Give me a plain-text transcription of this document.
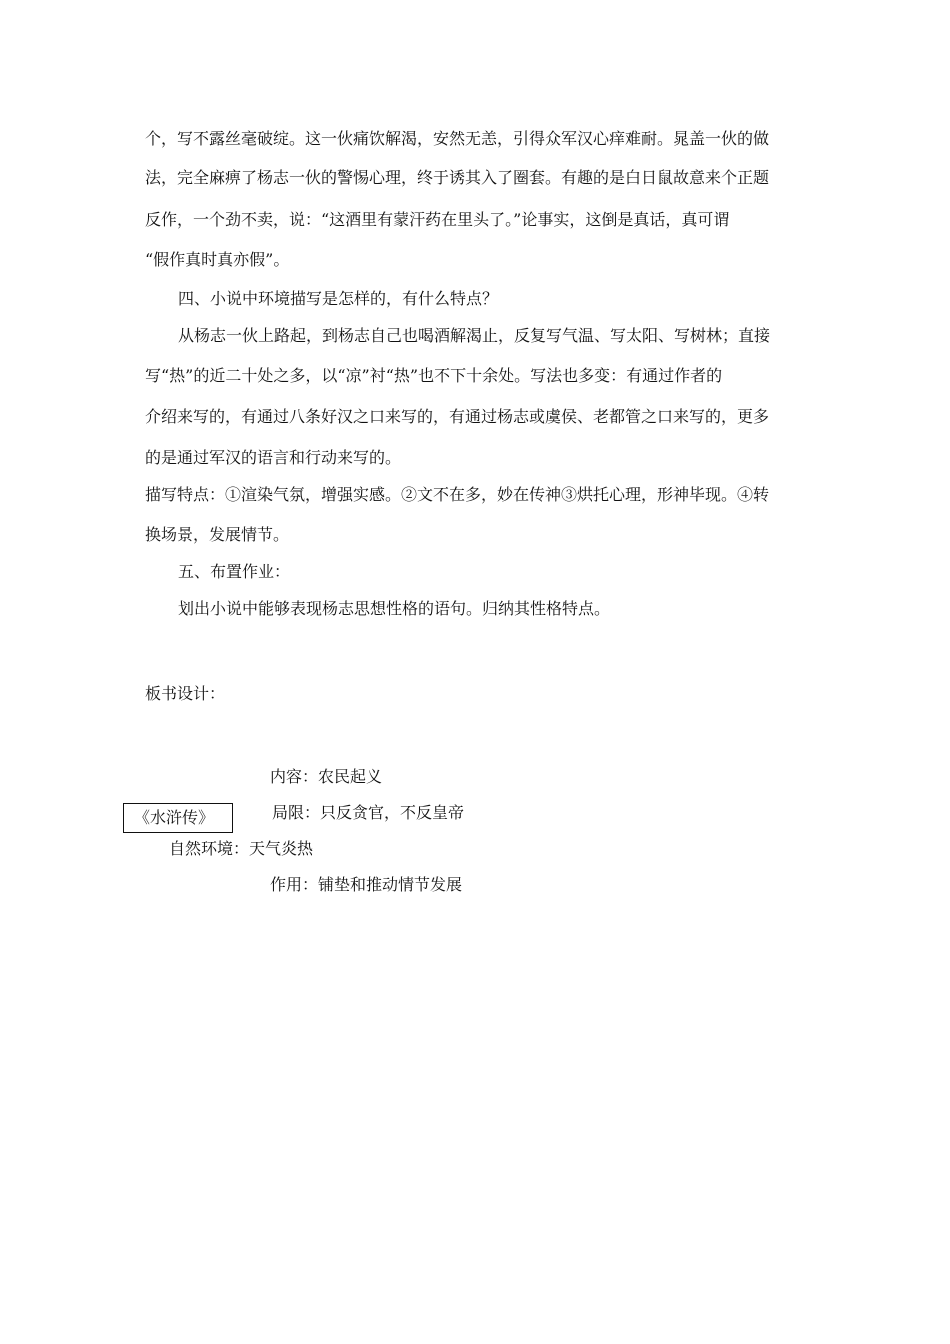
个，写不露丝毫破绽。这一伙痛饮解渴，安然无恙，引得众军汉心痒难耐。晁盖一伙的做
法，完全麻痹了杨志一伙的警惕心理，终于诱其入了圈套。有趣的是白日鼠故意来个正题
反作，一个劲不卖，说：“这酒里有蒙汗药在里头了。”论事实，这倒是真话，真可谓
“假作真时真亦假”。
四、小说中环境描写是怎样的，有什么特点？
从杨志一伙上路起，到杨志自己也喝酒解渴止，反复写气温、写太阳、写树林；直接
写“热”的近二十处之多，以“凉”衬“热”也不下十余处。写法也多变：有通过作者的
介绍来写的，有通过八条好汉之口来写的，有通过杨志或虞侯、老都管之口来写的，更多
的是通过军汉的语言和行动来写的。
描写特点：①渲染气氛，增强实感。②文不在多，妙在传神③烘托心理，形神毕现。④转
换场景，发展情节。
五、布置作业：
划出小说中能够表现杨志思想性格的语句。归纳其性格特点。
板书设计：
内容：农民起义
《水浒传》	局限：只反贪官，不反皇帝
自然环境：天气炎热
作用：铺垫和推动情节发展
